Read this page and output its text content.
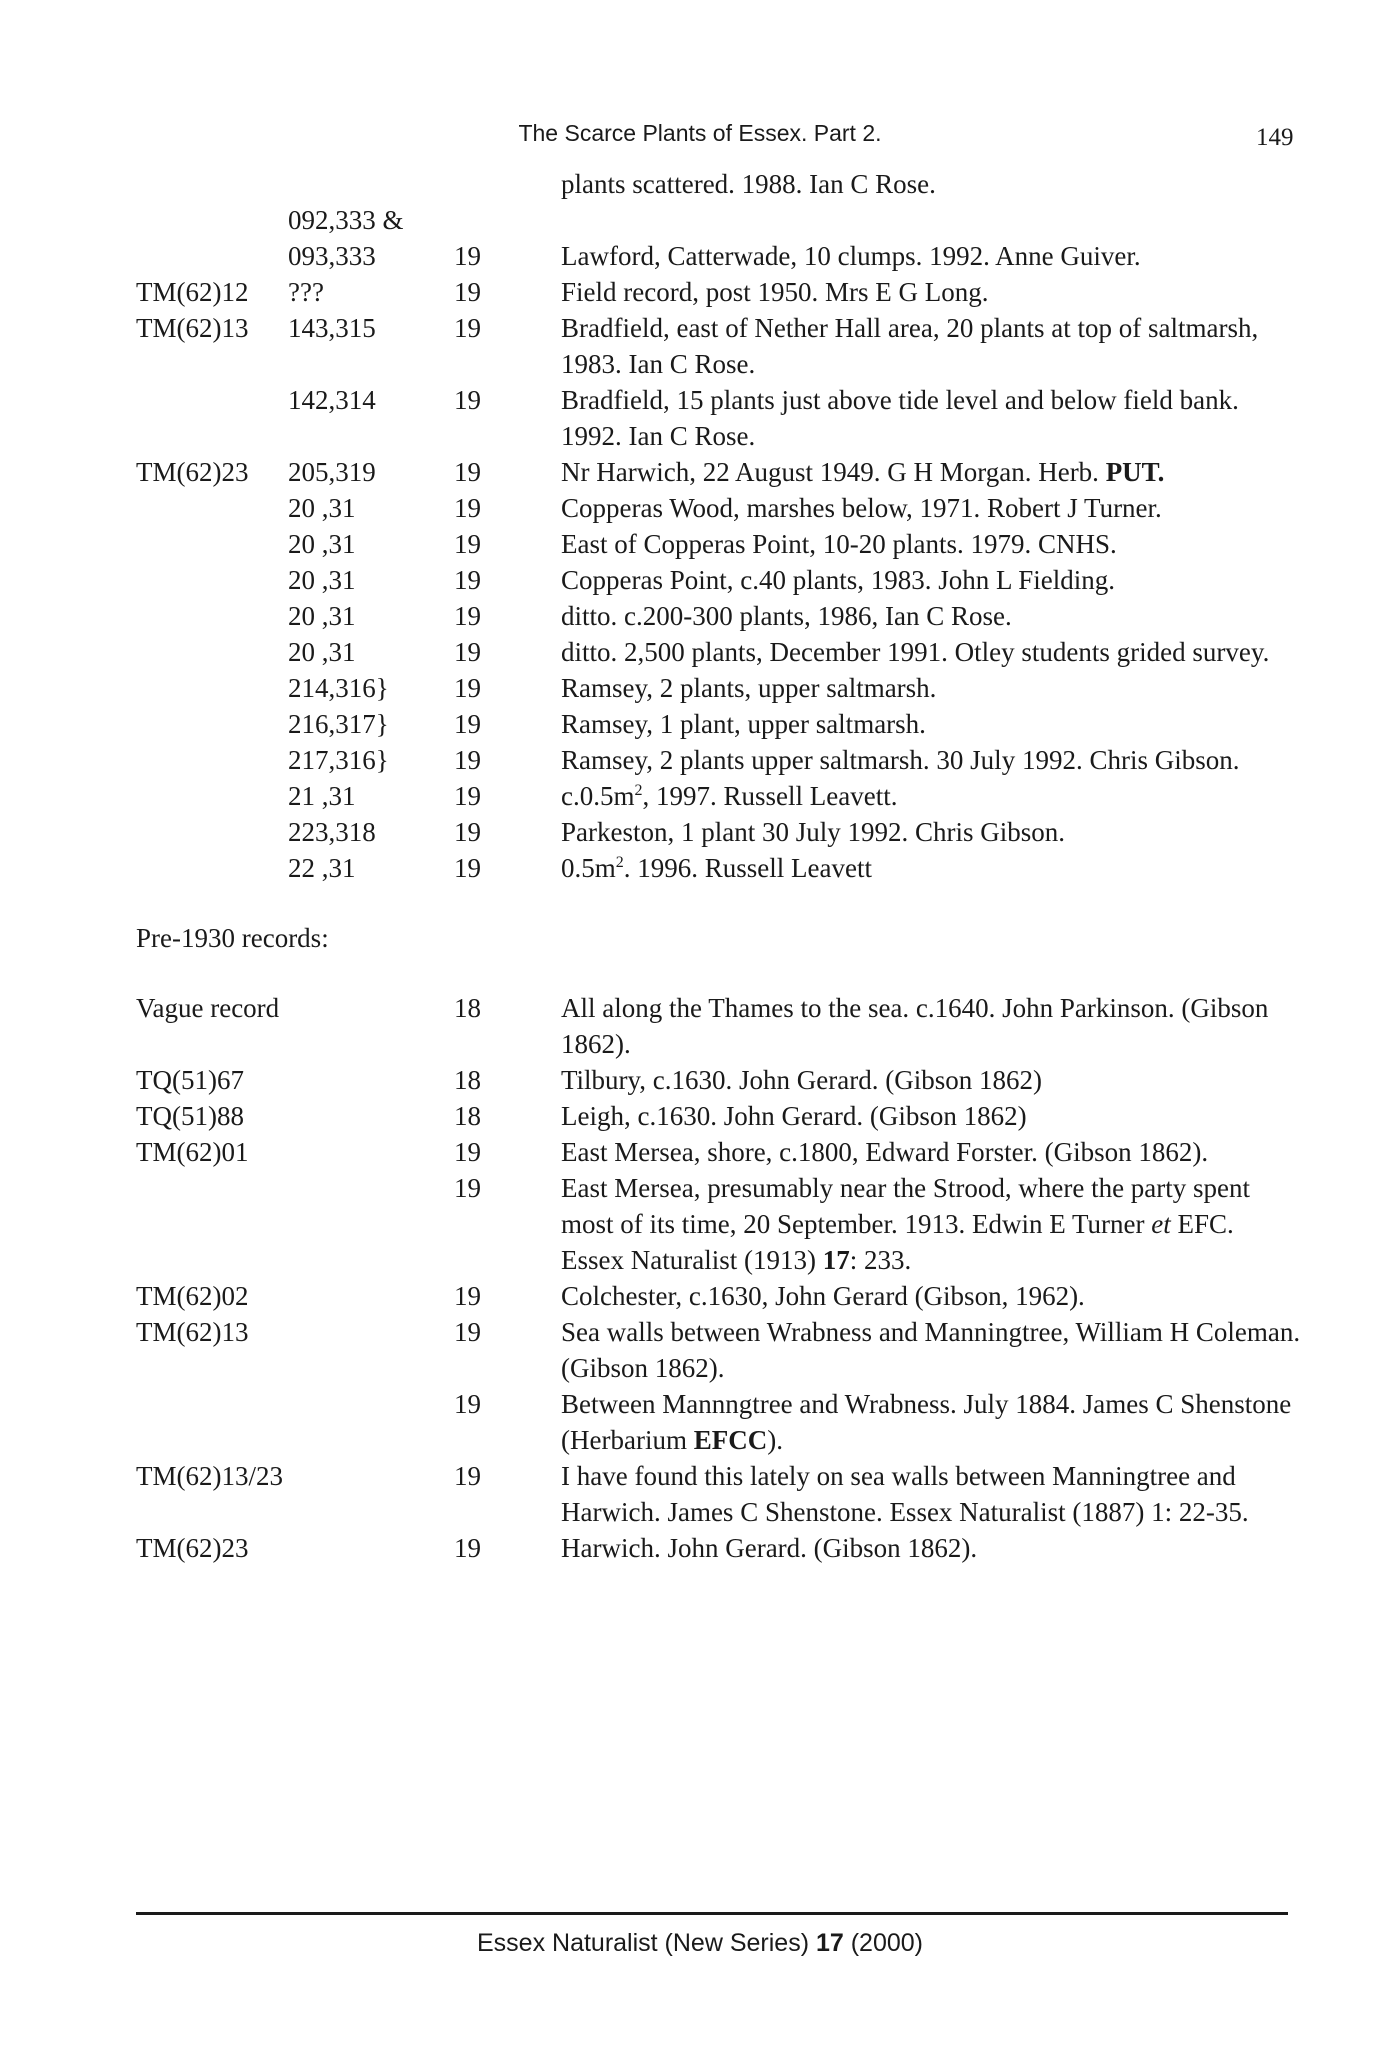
The Scarce Plants of Essex. Part 2.	149
plants scattered. 1988. Ian C Rose.
092,333 &
093,333	19	Lawford, Catterwade, 10 clumps. 1992. Anne Guiver.
TM(62)12 ???	19	Field record, post 1950. Mrs E G Long.
TM(62)13 143,315	19	Bradfield, east of Nether Hall area, 20 plants at top of saltmarsh, 1983. Ian C Rose.
142,314	19	Bradfield, 15 plants just above tide level and below field bank. 1992. Ian C Rose.
TM(62)23 205,319	19	Nr Harwich, 22 August 1949. G H Morgan. Herb. PUT.
20 ,31	19	Copperas Wood, marshes below, 1971. Robert J Turner.
20 ,31	19	East of Copperas Point, 10-20 plants. 1979. CNHS.
20 ,31	19	Copperas Point, c.40 plants, 1983. John L Fielding.
20 ,31	19	ditto. c.200-300 plants, 1986, Ian C Rose.
20 ,31	19	ditto. 2,500 plants, December 1991. Otley students grided survey.
214,316} 19	Ramsey, 2 plants, upper saltmarsh.
216,317} 19	Ramsey, 1 plant, upper saltmarsh.
217,316} 19	Ramsey, 2 plants upper saltmarsh. 30 July 1992. Chris Gibson.
21 ,31	19	$c.0.5m^2$, 1997. Russell Leavett.
223,318	19	Parkeston, 1 plant 30 July 1992. Chris Gibson.
22 ,31	19	$0.5m^2$. 1996. Russell Leavett
Pre-1930 records:
Vague record	18	All along the Thames to the sea. c.1640. John Parkinson. (Gibson 1862).
TQ(51)67	18	Tilbury, c.1630. John Gerard. (Gibson 1862)
TQ(51)88	18	Leigh, c.1630. John Gerard. (Gibson 1862)
TM(62)01	19	East Mersea, shore, c.1800, Edward Forster. (Gibson 1862).
19	East Mersea, presumably near the Strood, where the party spent most of its time, 20 September. 1913. Edwin E Turner et EFC. Essex Naturalist (1913) 17: 233.
TM(62)02	19	Colchester, c.1630, John Gerard (Gibson, 1962).
TM(62)13	19	Sea walls between Wrabness and Manningtree, William H Coleman. (Gibson 1862).
19	Between Mannngtree and Wrabness. July 1884. James C Shenstone (Herbarium EFCC).
TM(62)13/23	19	I have found this lately on sea walls between Manningtree and Harwich. James C Shenstone. Essex Naturalist (1887) 1: 22-35.
TM(62)23	19	Harwich. John Gerard. (Gibson 1862).
Essex Naturalist (New Series) 17 (2000)
